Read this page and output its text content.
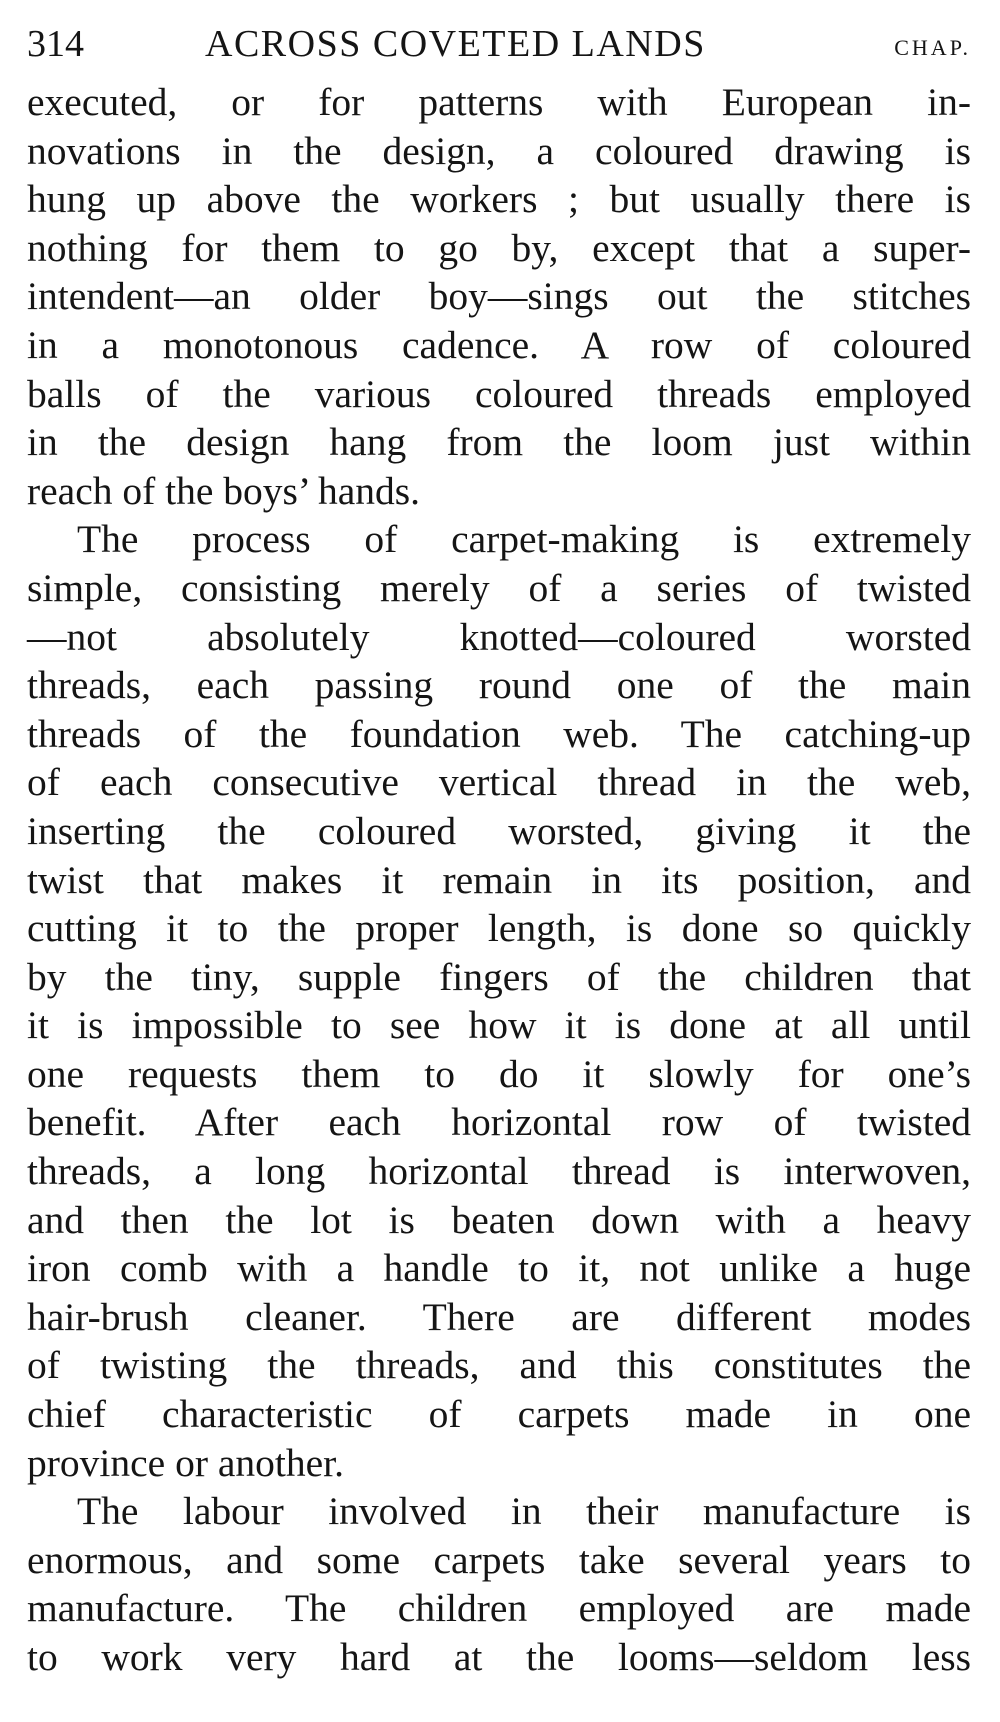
314	ACROSS COVETED LANDS	CHAP.

executed, or for patterns with European in-
novations in the design, a coloured drawing is
hung up above the workers ; but usually there is
nothing for them to go by, except that a super-
intendent—an older boy—sings out the stitches
in a monotonous cadence. A row of coloured
balls of the various coloured threads employed
in the design hang from the loom just within
reach of the boys’ hands.

The process of carpet-making is extremely
simple, consisting merely of a series of twisted
—not absolutely knotted—coloured worsted
threads, each passing round one of the main
threads of the foundation web. The catching-up
of each consecutive vertical thread in the web,
inserting the coloured worsted, giving it the
twist that makes it remain in its position, and
cutting it to the proper length, is done so quickly
by the tiny, supple fingers of the children that
it is impossible to see how it is done at all until
one requests them to do it slowly for one’s
benefit. After each horizontal row of twisted
threads, a long horizontal thread is interwoven,
and then the lot is beaten down with a heavy
iron comb with a handle to it, not unlike a huge
hair-brush cleaner. There are different modes
of twisting the threads, and this constitutes the
chief characteristic of carpets made in one
province or another.

The labour involved in their manufacture is
enormous, and some carpets take several years to
manufacture. The children employed are made
to work very hard at the looms—seldom less
